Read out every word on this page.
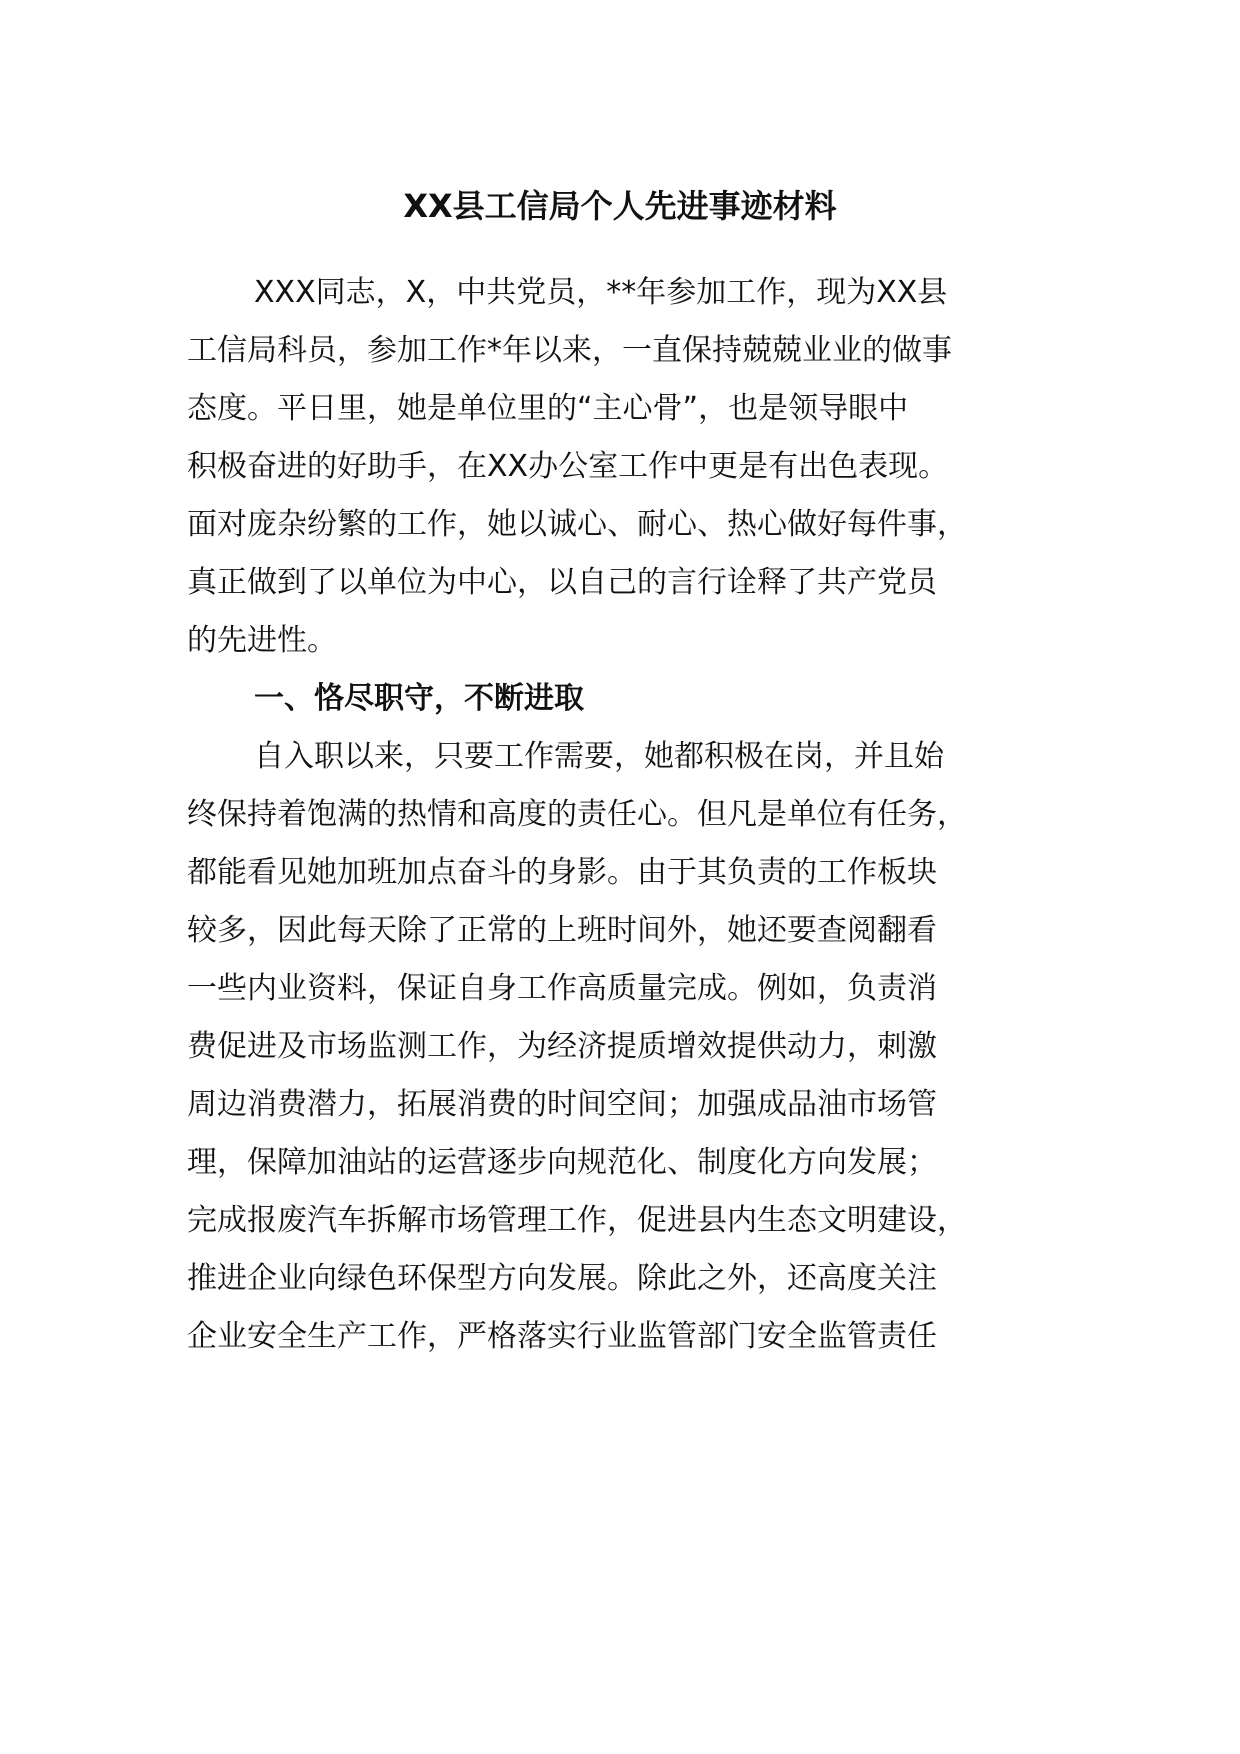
XX县工信局个人先进事迹材料
XXX同志，X，中共党员，**年参加工作，现为XX县
工信局科员，参加工作*年以来，一直保持兢兢业业的做事
态度。平日里，她是单位里的“主心骨”，也是领导眼中
积极奋进的好助手，在XX办公室工作中更是有出色表现。
面对庞杂纷繁的工作，她以诚心、耐心、热心做好每件事，
真正做到了以单位为中心，以自己的言行诠释了共产党员
的先进性。
一、恪尽职守，不断进取
自入职以来，只要工作需要，她都积极在岗，并且始
终保持着饱满的热情和高度的责任心。但凡是单位有任务，
都能看见她加班加点奋斗的身影。由于其负责的工作板块
较多，因此每天除了正常的上班时间外，她还要查阅翻看
一些内业资料，保证自身工作高质量完成。例如，负责消
费促进及市场监测工作，为经济提质增效提供动力，刺激
周边消费潜力，拓展消费的时间空间；加强成品油市场管
理，保障加油站的运营逐步向规范化、制度化方向发展；
完成报废汽车拆解市场管理工作，促进县内生态文明建设，
推进企业向绿色环保型方向发展。除此之外，还高度关注
企业安全生产工作，严格落实行业监管部门安全监管责任
